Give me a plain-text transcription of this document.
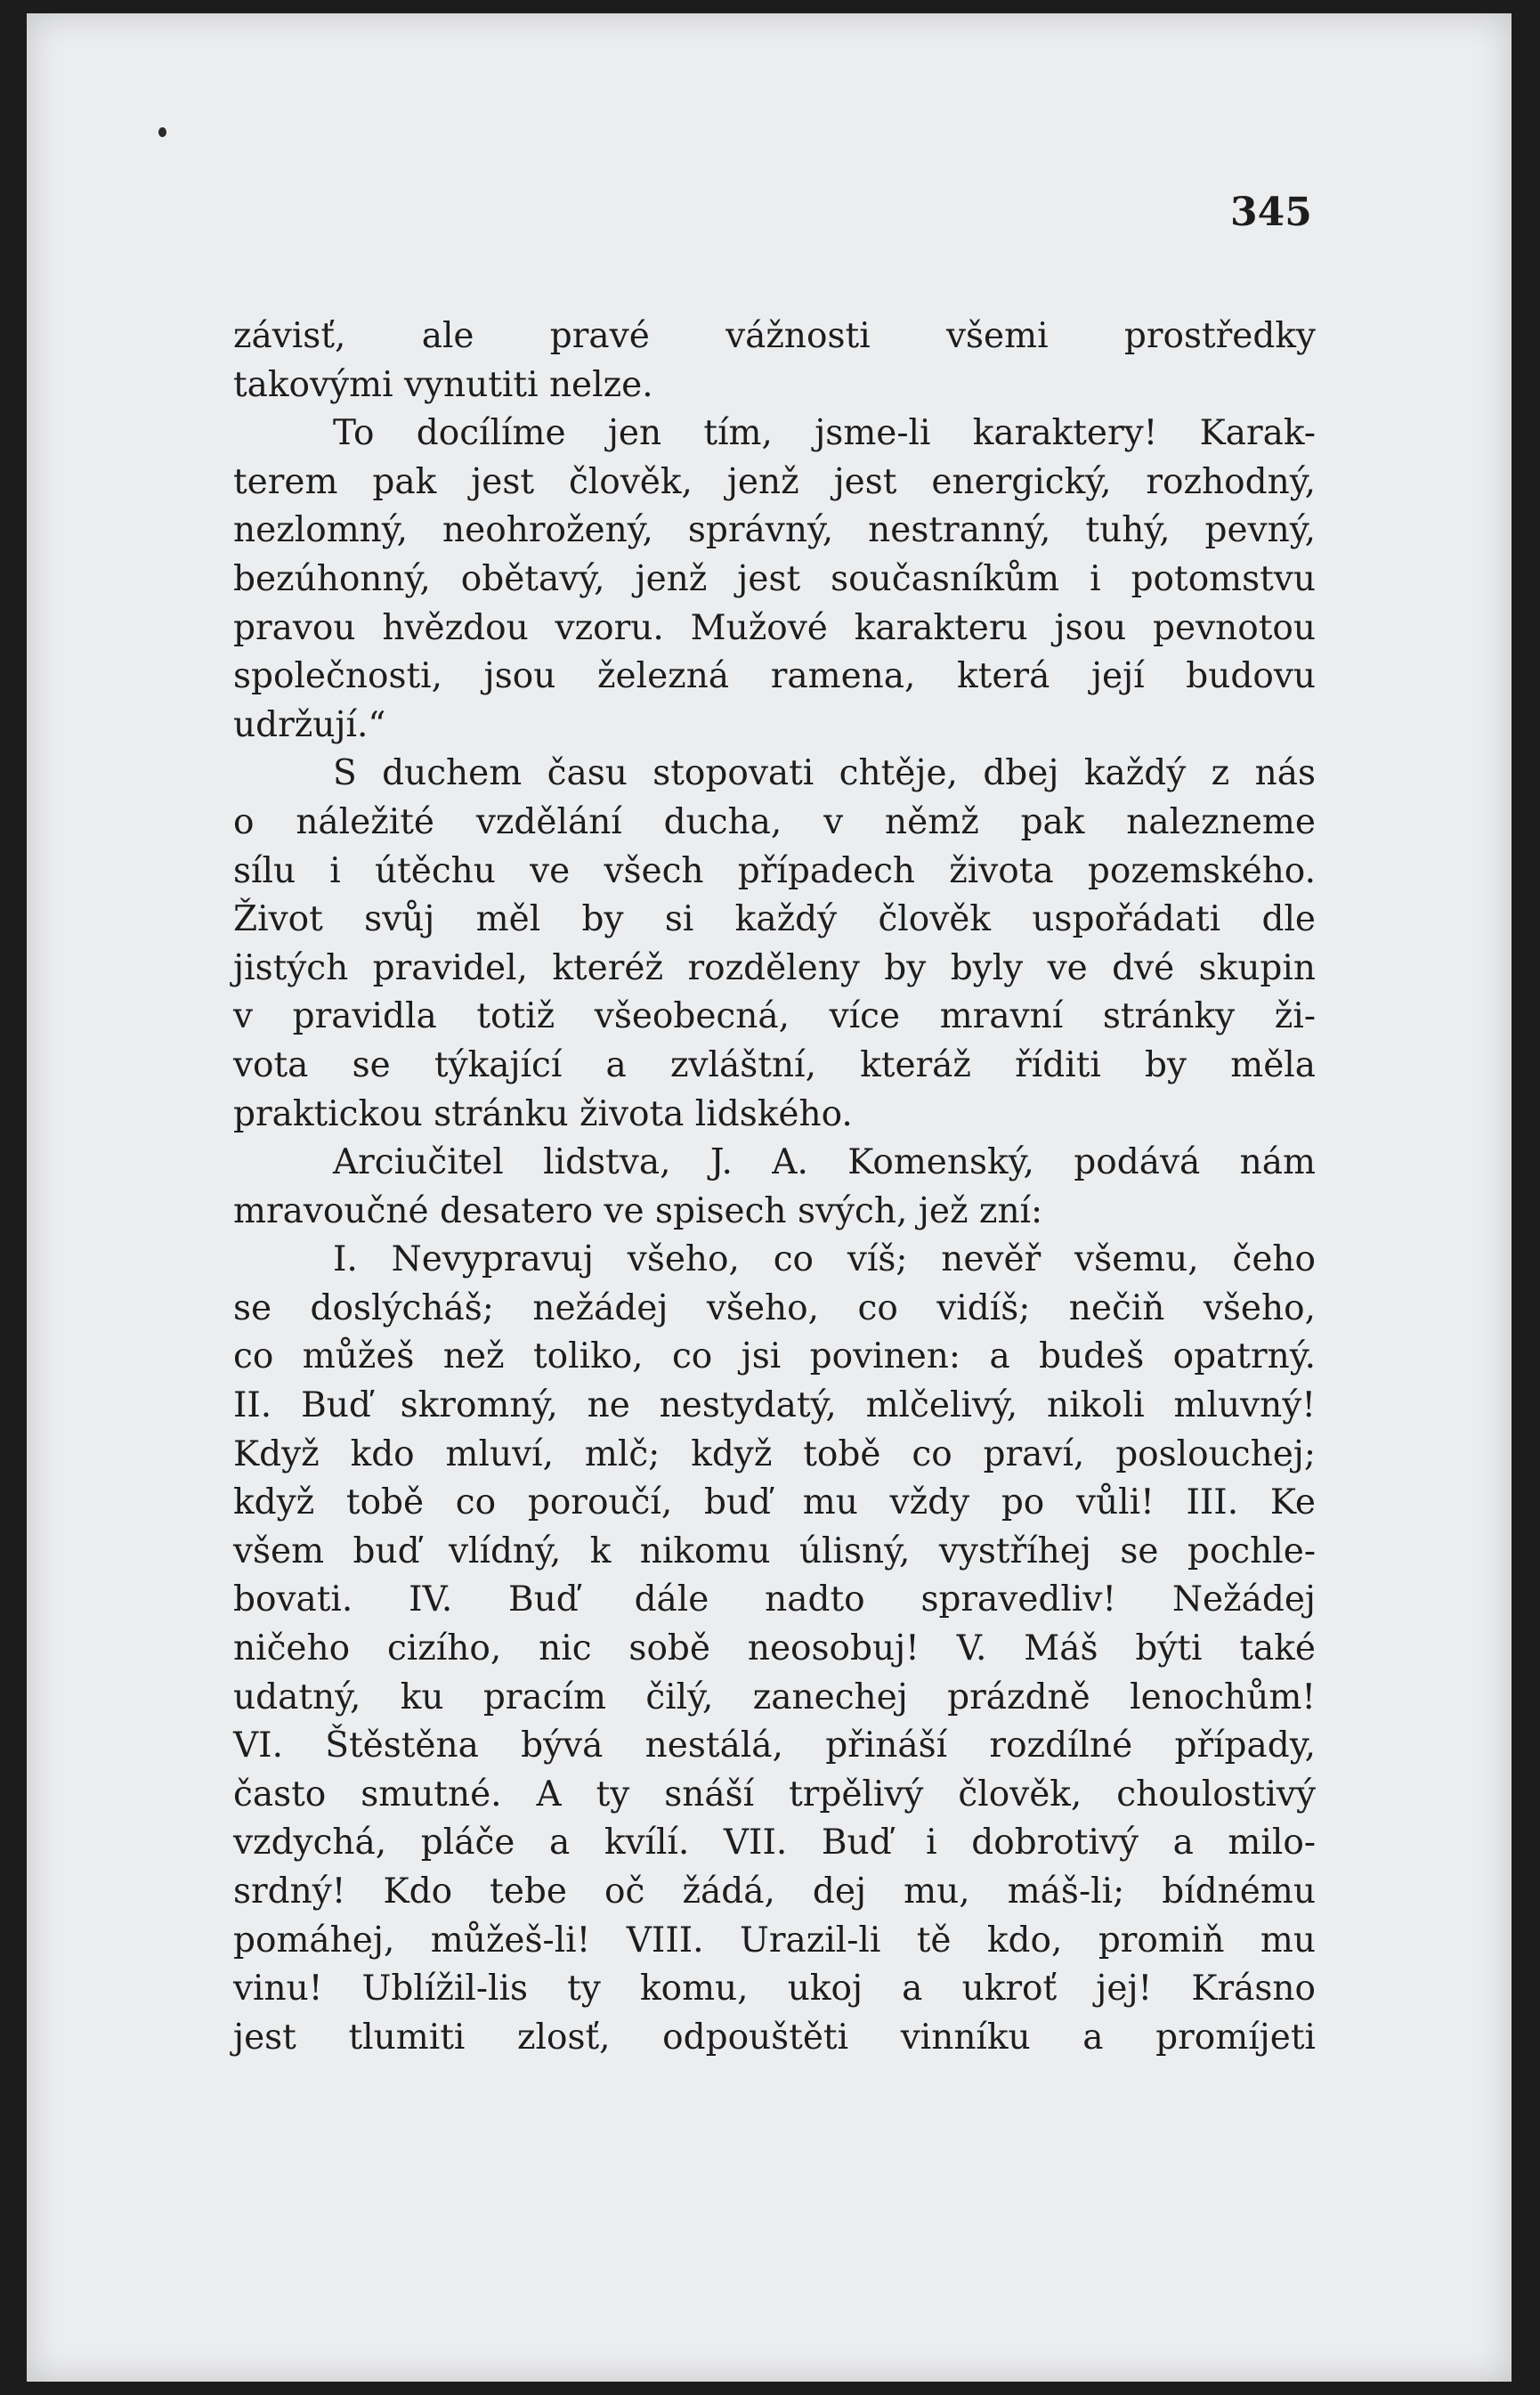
345
závisť, ale pravé vážnosti všemi prostředky
takovými vynutiti nelze.
To docílíme jen tím, jsme-li karaktery! Karak-
terem pak jest člověk, jenž jest energický, rozhodný,
nezlomný, neohrožený, správný, nestranný, tuhý, pevný,
bezúhonný, obětavý, jenž jest současníkům i potomstvu
pravou hvězdou vzoru. Mužové karakteru jsou pevnotou
společnosti, jsou železná ramena, která její budovu
udržují.“
S duchem času stopovati chtěje, dbej každý z nás
o náležité vzdělání ducha, v němž pak nalezneme
sílu i útěchu ve všech případech života pozemského.
Život svůj měl by si každý člověk uspořádati dle
jistých pravidel, kteréž rozděleny by byly ve dvé skupin
v pravidla totiž všeobecná, více mravní stránky ži-
vota se týkající a zvláštní, kteráž říditi by měla
praktickou stránku života lidského.
Arciučitel lidstva, J. A. Komenský, podává nám
mravoučné desatero ve spisech svých, jež zní:
I. Nevypravuj všeho, co víš; nevěř všemu, čeho
se doslýcháš; nežádej všeho, co vidíš; nečiň všeho,
co můžeš než toliko, co jsi povinen: a budeš opatrný.
II. Buď skromný, ne nestydatý, mlčelivý, nikoli mluvný!
Když kdo mluví, mlč; když tobě co praví, poslouchej;
když tobě co poroučí, buď mu vždy po vůli! III. Ke
všem buď vlídný, k nikomu úlisný, vystříhej se pochle-
bovati. IV. Buď dále nadto spravedliv! Nežádej
ničeho cizího, nic sobě neosobuj! V. Máš býti také
udatný, ku pracím čilý, zanechej prázdně lenochům!
VI. Štěstěna bývá nestálá, přináší rozdílné případy,
často smutné. A ty snáší trpělivý člověk, choulostivý
vzdychá, pláče a kvílí. VII. Buď i dobrotivý a milo-
srdný! Kdo tebe oč žádá, dej mu, máš-li; bídnému
pomáhej, můžeš-li! VIII. Urazil-li tě kdo, promiň mu
vinu! Ublížil-lis ty komu, ukoj a ukroť jej! Krásno
jest tlumiti zlosť, odpouštěti vinníku a promíjeti
